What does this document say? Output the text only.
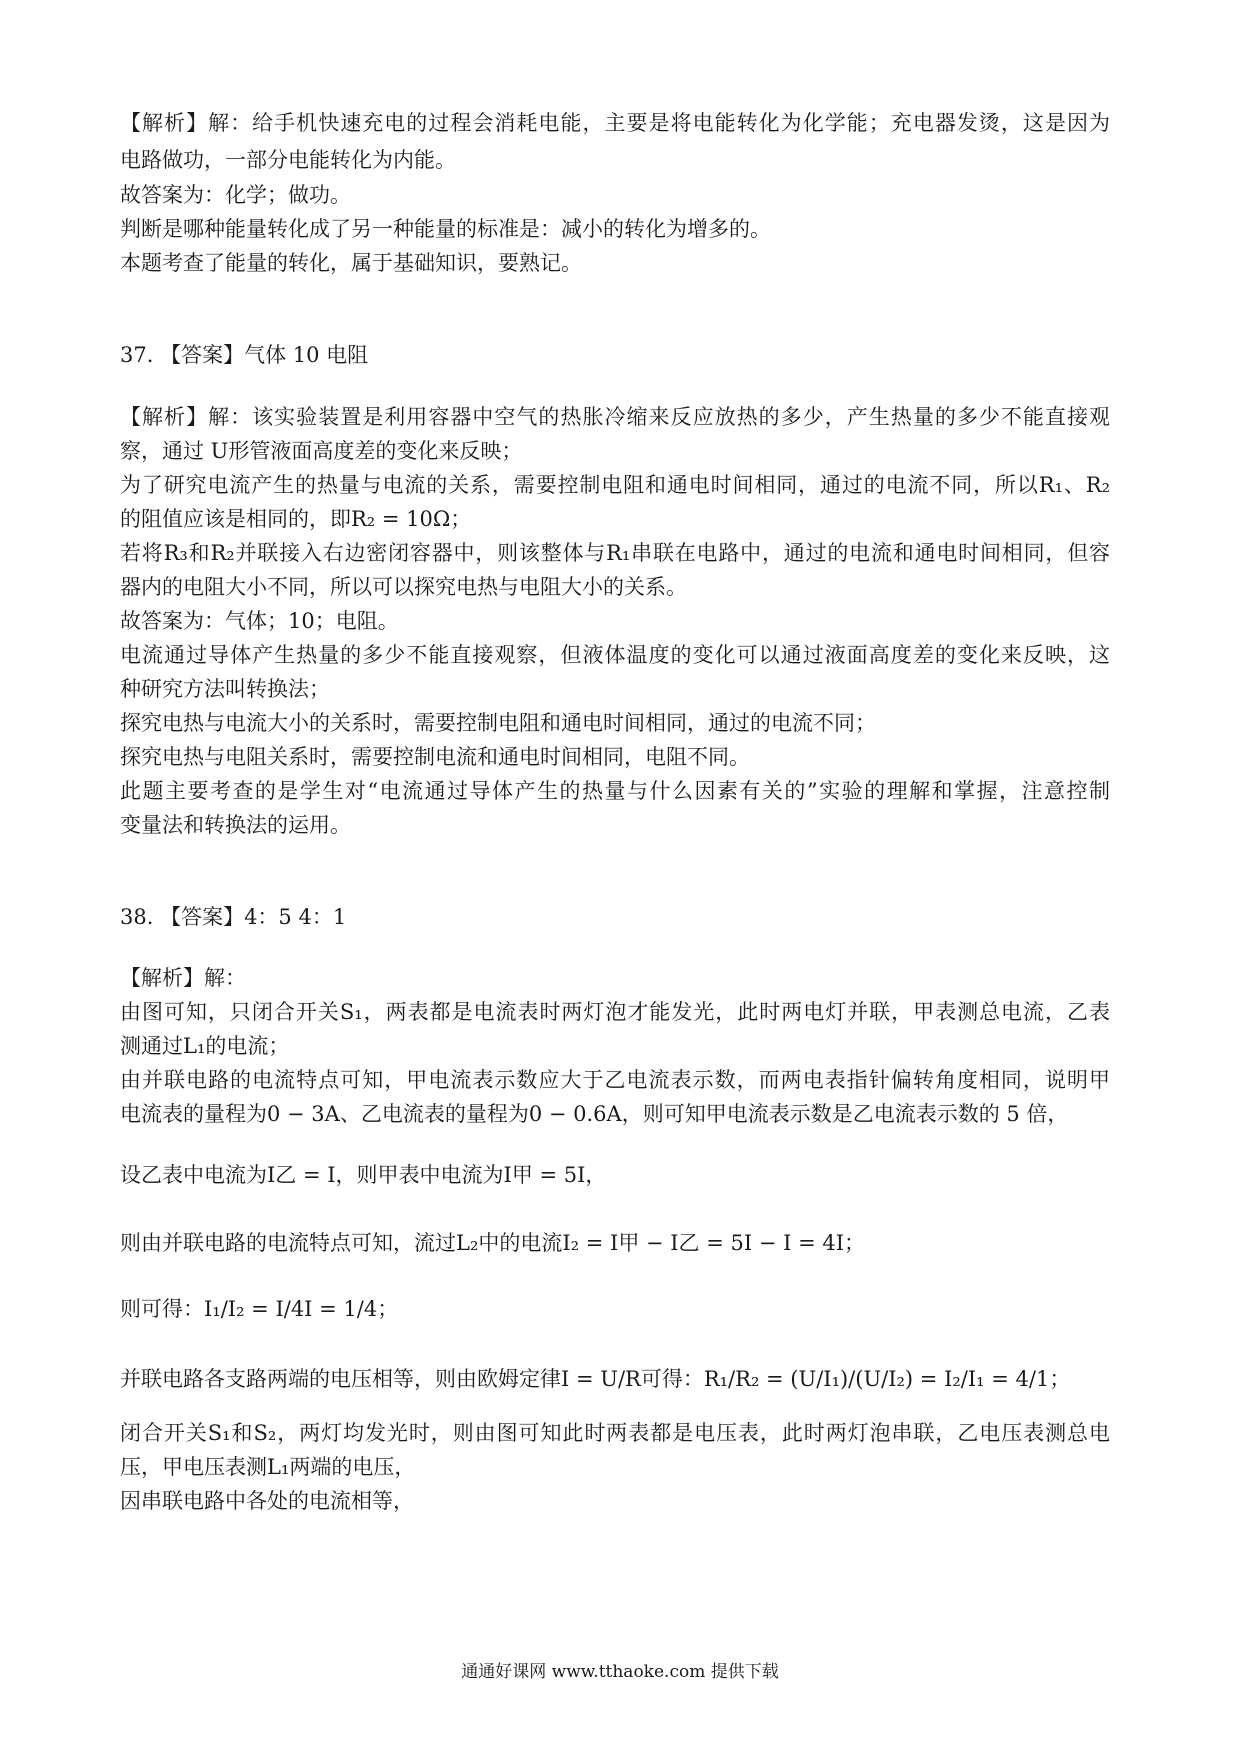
【解析】解：给手机快速充电的过程会消耗电能，主要是将电能转化为化学能；充电器发烫，这是因为
电路做功，一部分电能转化为内能。
故答案为：化学；做功。
判断是哪种能量转化成了另一种能量的标准是：减小的转化为增多的。
本题考查了能量的转化，属于基础知识，要熟记。
37. 【答案】气体 10 电阻
【解析】解：该实验装置是利用容器中空气的热胀冷缩来反应放热的多少，产生热量的多少不能直接观
察，通过 U形管液面高度差的变化来反映；
为了研究电流产生的热量与电流的关系，需要控制电阻和通电时间相同，通过的电流不同，所以R₁、R₂
的阻值应该是相同的，即R₂ = 10Ω；
若将R₃和R₂并联接入右边密闭容器中，则该整体与R₁串联在电路中，通过的电流和通电时间相同，但容
器内的电阻大小不同，所以可以探究电热与电阻大小的关系。
故答案为：气体；10；电阻。
电流通过导体产生热量的多少不能直接观察，但液体温度的变化可以通过液面高度差的变化来反映，这
种研究方法叫转换法；
探究电热与电流大小的关系时，需要控制电阻和通电时间相同，通过的电流不同；
探究电热与电阻关系时，需要控制电流和通电时间相同，电阻不同。
此题主要考查的是学生对“电流通过导体产生的热量与什么因素有关的”实验的理解和掌握，注意控制
变量法和转换法的运用。
38. 【答案】4：5 4：1
【解析】解：
由图可知，只闭合开关S₁，两表都是电流表时两灯泡才能发光，此时两电灯并联，甲表测总电流，乙表
测通过L₁的电流；
由并联电路的电流特点可知，甲电流表示数应大于乙电流表示数，而两电表指针偏转角度相同，说明甲
电流表的量程为0 − 3A、乙电流表的量程为0 − 0.6A，则可知甲电流表示数是乙电流表示数的 5 倍，
设乙表中电流为I乙 = I，则甲表中电流为I甲 = 5I，
则由并联电路的电流特点可知，流过L₂中的电流I₂ = I甲 − I乙 = 5I − I = 4I；
则可得：I₁/I₂ = I/4I = 1/4；
并联电路各支路两端的电压相等，则由欧姆定律I = U/R可得：R₁/R₂ = (U/I₁)/(U/I₂) = I₂/I₁ = 4/1；
闭合开关S₁和S₂，两灯均发光时，则由图可知此时两表都是电压表，此时两灯泡串联，乙电压表测总电
压，甲电压表测L₁两端的电压，
因串联电路中各处的电流相等，
通通好课网 www.tthaoke.com 提供下载
